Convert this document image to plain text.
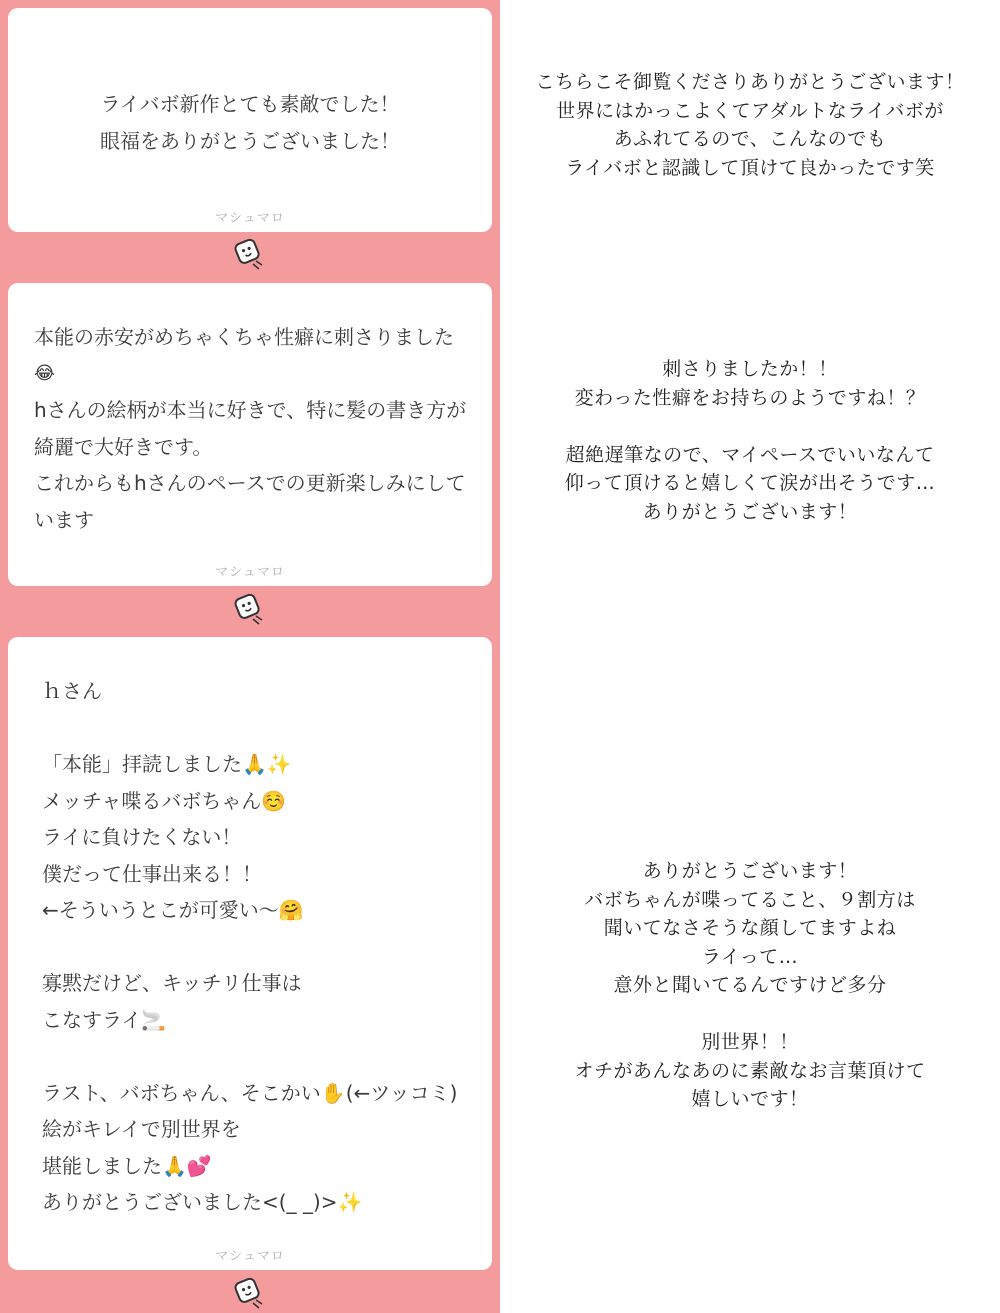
ライバボ新作とても素敵でした！
眼福をありがとうございました！
マシュマロ
本能の赤安がめちゃくちゃ性癖に刺さりました
😂
hさんの絵柄が本当に好きで、特に髪の書き方が
綺麗で大好きです。
これからもhさんのペースでの更新楽しみにして
います
マシュマロ
ｈさん
「本能」拝読しました🙏✨
メッチャ喋るバボちゃん☺️
ライに負けたくない！
僕だって仕事出来る！！
←そういうとこが可愛い〜🤗
寡黙だけど、キッチリ仕事は
こなすライ🚬
ラスト、バボちゃん、そこかい✋(←ツッコミ)
絵がキレイで別世界を
堪能しました🙏💕
ありがとうございました<(_ _)>✨
マシュマロ
こちらこそ御覧くださりありがとうございます！
世界にはかっこよくてアダルトなライバボが
あふれてるので、こんなのでも
ライバボと認識して頂けて良かったです笑
刺さりましたか！！
変わった性癖をお持ちのようですね！？
超絶遅筆なので、マイペースでいいなんて
仰って頂けると嬉しくて涙が出そうです…
ありがとうございます！
ありがとうございます！
バボちゃんが喋ってること、９割方は
聞いてなさそうな顔してますよね
ライって…
意外と聞いてるんですけど多分
別世界！！
オチがあんなあのに素敵なお言葉頂けて
嬉しいです！
